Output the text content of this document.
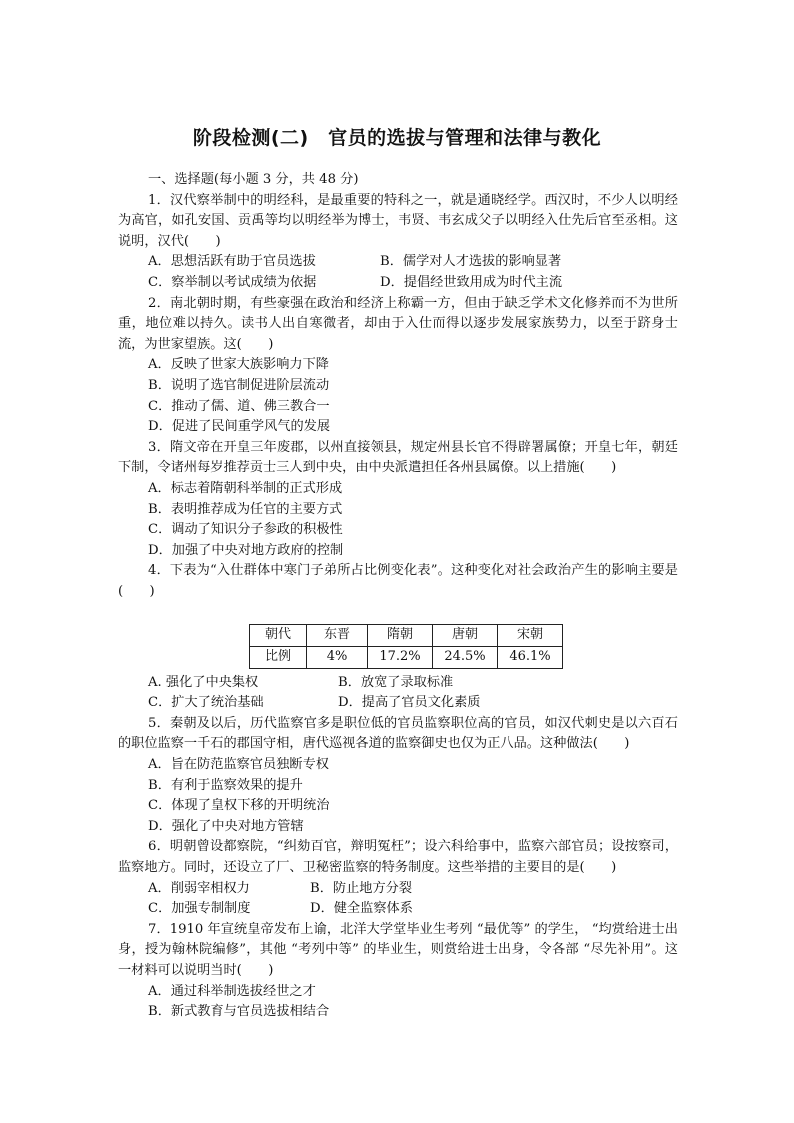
阶段检测(二)　官员的选拔与管理和法律与教化

一、选择题(每小题 3 分，共 48 分)

1．汉代察举制中的明经科，是最重要的特科之一，就是通晓经学。西汉时，不少人以明经为高官，如孔安国、贡禹等均以明经举为博士，韦贤、韦玄成父子以明经入仕先后官至丞相。这说明，汉代(　　)

A．思想活跃有助于官员选拔	B．儒学对人才选拔的影响显著
C．察举制以考试成绩为依据	D．提倡经世致用成为时代主流

2．南北朝时期，有些豪强在政治和经济上称霸一方，但由于缺乏学术文化修养而不为世所重，地位难以持久。读书人出自寒微者，却由于入仕而得以逐步发展家族势力，以至于跻身士流，为世家望族。这(　　)

A．反映了世家大族影响力下降
B．说明了选官制促进阶层流动
C．推动了儒、道、佛三教合一
D．促进了民间重学风气的发展

3．隋文帝在开皇三年废郡，以州直接领县，规定州县长官不得辟署属僚；开皇七年，朝廷下制，令诸州每岁推荐贡士三人到中央，由中央派遣担任各州县属僚。以上措施(　　)

A．标志着隋朝科举制的正式形成
B．表明推荐成为任官的主要方式
C．调动了知识分子参政的积极性
D．加强了中央对地方政府的控制

4．下表为“入仕群体中寒门子弟所占比例变化表”。这种变化对社会政治产生的影响主要是(　　)

朝代	东晋	隋朝	唐朝	宋朝
比例	4%	17.2%	24.5%	46.1%
A. 强化了中央集权	B．放宽了录取标准
C．扩大了统治基础	D．提高了官员文化素质

5．秦朝及以后，历代监察官多是职位低的官员监察职位高的官员，如汉代刺史是以六百石的职位监察一千石的郡国守相，唐代巡视各道的监察御史也仅为正八品。这种做法(　　)

A．旨在防范监察官员独断专权
B．有利于监察效果的提升
C．体现了皇权下移的开明统治
D．强化了中央对地方管辖

6．明朝曾设都察院，“纠劾百官，辩明冤枉”；设六科给事中，监察六部官员；设按察司，监察地方。同时，还设立了厂、卫秘密监察的特务制度。这些举措的主要目的是(　　)

A．削弱宰相权力	B．防止地方分裂
C．加强专制制度	D．健全监察体系

7．1910 年宣统皇帝发布上谕，北洋大学堂毕业生考列 “最优等” 的学生， “均赏给进士出身，授为翰林院编修”，其他 “考列中等” 的毕业生，则赏给进士出身，令各部 “尽先补用”。这一材料可以说明当时(　　)

A．通过科举制选拔经世之才
B．新式教育与官员选拔相结合
